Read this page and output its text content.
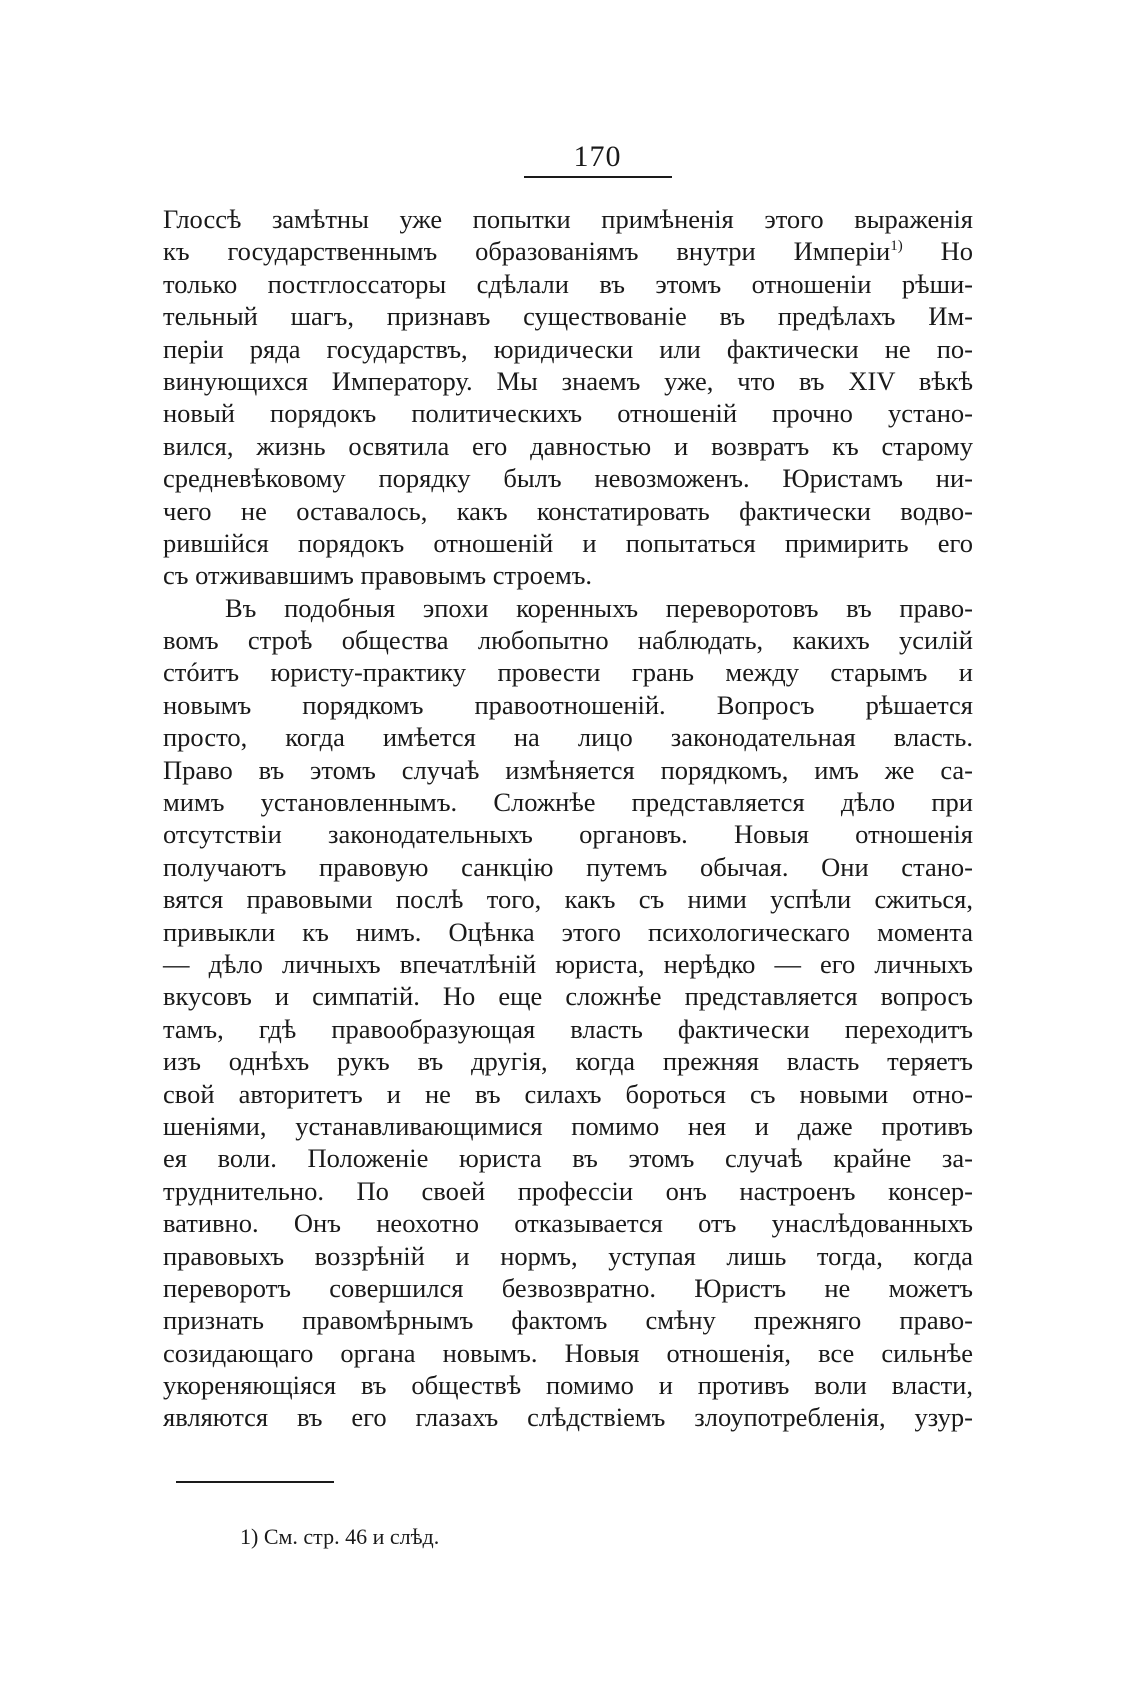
170
Глоссѣ замѣтны уже попытки примѣненія этого выраженія
къ государственнымъ образованіямъ внутри Имперіи$^{1)}$ Но
только постглоссаторы сдѣлали въ этомъ отношеніи рѣши-
тельный шагъ, признавъ существованіе въ предѣлахъ Им-
періи ряда государствъ, юридически или фактически не по-
винующихся Императору. Мы знаемъ уже, что въ XIV вѣкѣ
новый порядокъ политическихъ отношеній прочно устано-
вился, жизнь освятила его давностью и возвратъ къ старому
средневѣковому порядку былъ невозможенъ. Юристамъ ни-
чего не оставалось, какъ констатировать фактически водво-
рившійся порядокъ отношеній и попытаться примирить его
съ отживавшимъ правовымъ строемъ.
Въ подобныя эпохи коренныхъ переворотовъ въ право-
вомъ строѣ общества любопытно наблюдать, какихъ усилій
стóитъ юристу-практику провести грань между старымъ и
новымъ порядкомъ правоотношеній. Вопросъ рѣшается
просто, когда имѣется на лицо законодательная власть.
Право въ этомъ случаѣ измѣняется порядкомъ, имъ же са-
мимъ установленнымъ. Сложнѣе представляется дѣло при
отсутствіи законодательныхъ органовъ. Новыя отношенія
получаютъ правовую санкцію путемъ обычая. Они стано-
вятся правовыми послѣ того, какъ съ ними успѣли сжиться,
привыкли къ нимъ. Оцѣнка этого психологическаго момента
— дѣло личныхъ впечатлѣній юриста, нерѣдко — его личныхъ
вкусовъ и симпатій. Но еще сложнѣе представляется вопросъ
тамъ, гдѣ правообразующая власть фактически переходитъ
изъ однѣхъ рукъ въ другія, когда прежняя власть теряетъ
свой авторитетъ и не въ силахъ бороться съ новыми отно-
шеніями, устанавливающимися помимо нея и даже противъ
ея воли. Положеніе юриста въ этомъ случаѣ крайне за-
труднительно. По своей профессіи онъ настроенъ консер-
вативно. Онъ неохотно отказывается отъ унаслѣдованныхъ
правовыхъ воззрѣній и нормъ, уступая лишь тогда, когда
переворотъ совершился безвозвратно. Юристъ не можетъ
признать правомѣрнымъ фактомъ смѣну прежняго право-
созидающаго органа новымъ. Новыя отношенія, все сильнѣе
укореняющіяся въ обществѣ помимо и противъ воли власти,
являются въ его глазахъ слѣдствіемъ злоупотребленія, узур-
1) См. стр. 46 и слѣд.
